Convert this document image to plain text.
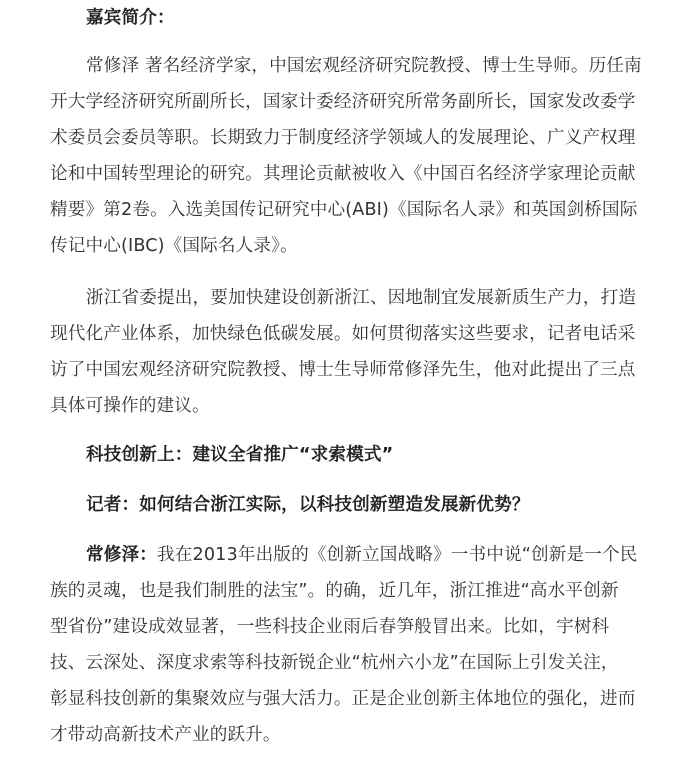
嘉宾简介：
常修泽 著名经济学家，中国宏观经济研究院教授、博士生导师。历任南
开大学经济研究所副所长，国家计委经济研究所常务副所长，国家发改委学
术委员会委员等职。长期致力于制度经济学领域人的发展理论、广义产权理
论和中国转型理论的研究。其理论贡献被收入《中国百名经济学家理论贡献
精要》第2卷。入选美国传记研究中心(ABI)《国际名人录》和英国剑桥国际
传记中心(IBC)《国际名人录》。
浙江省委提出，要加快建设创新浙江、因地制宜发展新质生产力，打造
现代化产业体系，加快绿色低碳发展。如何贯彻落实这些要求，记者电话采
访了中国宏观经济研究院教授、博士生导师常修泽先生，他对此提出了三点
具体可操作的建议。
科技创新上：建议全省推广“求索模式”
记者：如何结合浙江实际，以科技创新塑造发展新优势？
常修泽：我在2013年出版的《创新立国战略》一书中说“创新是一个民
族的灵魂，也是我们制胜的法宝”。的确，近几年，浙江推进“高水平创新
型省份”建设成效显著，一些科技企业雨后春笋般冒出来。比如，宇树科
技、云深处、深度求索等科技新锐企业“杭州六小龙”在国际上引发关注，
彰显科技创新的集聚效应与强大活力。正是企业创新主体地位的强化，进而
才带动高新技术产业的跃升。
